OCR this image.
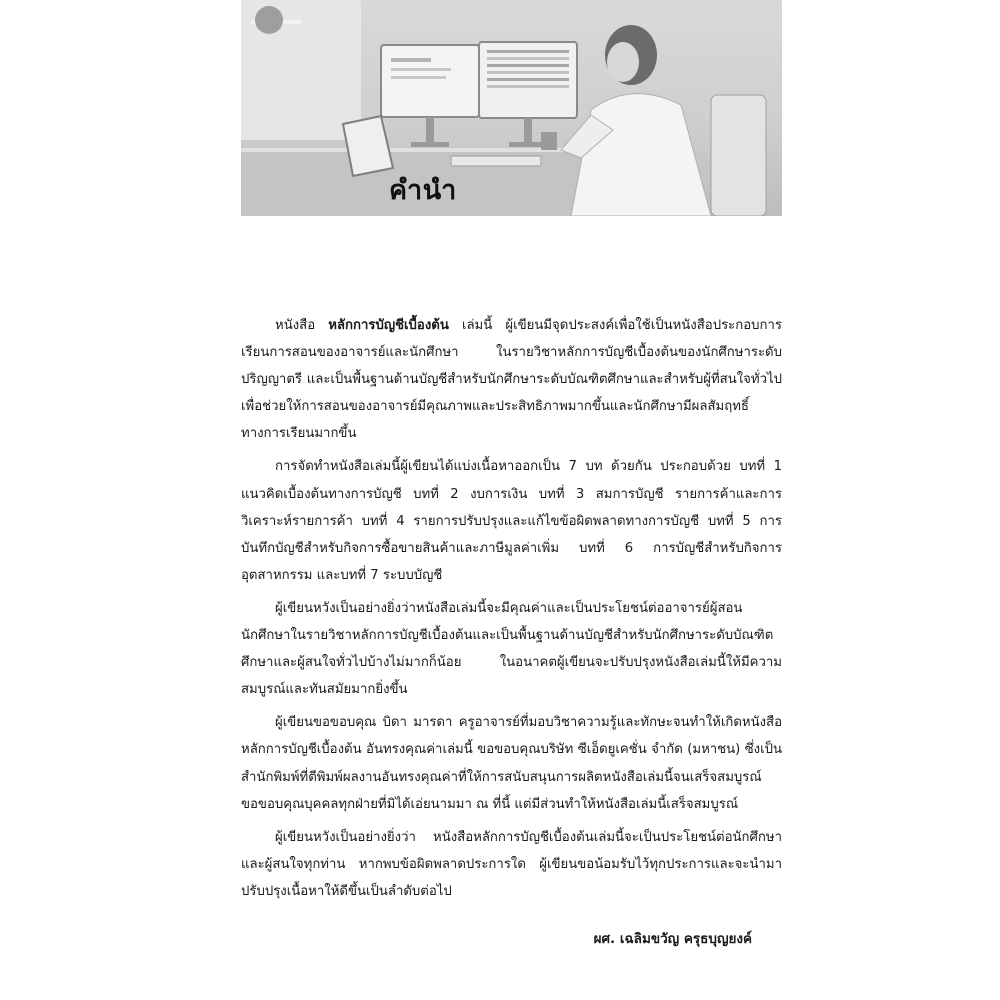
คำนำ

หนังสือ หลักการบัญชีเบื้องต้น เล่มนี้ ผู้เขียนมีจุดประสงค์เพื่อใช้เป็นหนังสือประกอบการเรียนการสอนของอาจารย์และนักศึกษา ในรายวิชาหลักการบัญชีเบื้องต้นของนักศึกษาระดับปริญญาตรี และเป็นพื้นฐานด้านบัญชีสำหรับนักศึกษาระดับบัณฑิตศึกษาและสำหรับผู้ที่สนใจทั่วไป เพื่อช่วยให้การสอนของอาจารย์มีคุณภาพและประสิทธิภาพมากขึ้นและนักศึกษามีผลสัมฤทธิ์ทางการเรียนมากขึ้น

การจัดทำหนังสือเล่มนี้ผู้เขียนได้แบ่งเนื้อหาออกเป็น 7 บท ด้วยกัน ประกอบด้วย บทที่ 1 แนวคิดเบื้องต้นทางการบัญชี บทที่ 2 งบการเงิน บทที่ 3 สมการบัญชี รายการค้าและการวิเคราะห์รายการค้า บทที่ 4 รายการปรับปรุงและแก้ไขข้อผิดพลาดทางการบัญชี บทที่ 5 การบันทึกบัญชีสำหรับกิจการซื้อขายสินค้าและภาษีมูลค่าเพิ่ม บทที่ 6 การบัญชีสำหรับกิจการอุตสาหกรรม และบทที่ 7 ระบบบัญชี

ผู้เขียนหวังเป็นอย่างยิ่งว่าหนังสือเล่มนี้จะมีคุณค่าและเป็นประโยชน์ต่ออาจารย์ผู้สอนนักศึกษาในรายวิชาหลักการบัญชีเบื้องต้นและเป็นพื้นฐานด้านบัญชีสำหรับนักศึกษาระดับบัณฑิตศึกษาและผู้สนใจทั่วไปบ้างไม่มากก็น้อย ในอนาคตผู้เขียนจะปรับปรุงหนังสือเล่มนี้ให้มีความสมบูรณ์และทันสมัยมากยิ่งขึ้น

ผู้เขียนขอขอบคุณ บิดา มารดา ครูอาจารย์ที่มอบวิชาความรู้และทักษะจนทำให้เกิดหนังสือหลักการบัญชีเบื้องต้น อันทรงคุณค่าเล่มนี้ ขอขอบคุณบริษัท ซีเอ็ดยูเคชั่น จำกัด (มหาชน) ซึ่งเป็นสำนักพิมพ์ที่ตีพิมพ์ผลงานอันทรงคุณค่าที่ให้การสนับสนุนการผลิตหนังสือเล่มนี้จนเสร็จสมบูรณ์ ขอขอบคุณบุคคลทุกฝ่ายที่มิได้เอ่ยนามมา ณ ที่นี้ แต่มีส่วนทำให้หนังสือเล่มนี้เสร็จสมบูรณ์

ผู้เขียนหวังเป็นอย่างยิ่งว่า หนังสือหลักการบัญชีเบื้องต้นเล่มนี้จะเป็นประโยชน์ต่อนักศึกษาและผู้สนใจทุกท่าน หากพบข้อผิดพลาดประการใด ผู้เขียนขอน้อมรับไว้ทุกประการและจะนำมาปรับปรุงเนื้อหาให้ดีขึ้นเป็นลำดับต่อไป

ผศ. เฉลิมขวัญ ครุธบุญยงค์
